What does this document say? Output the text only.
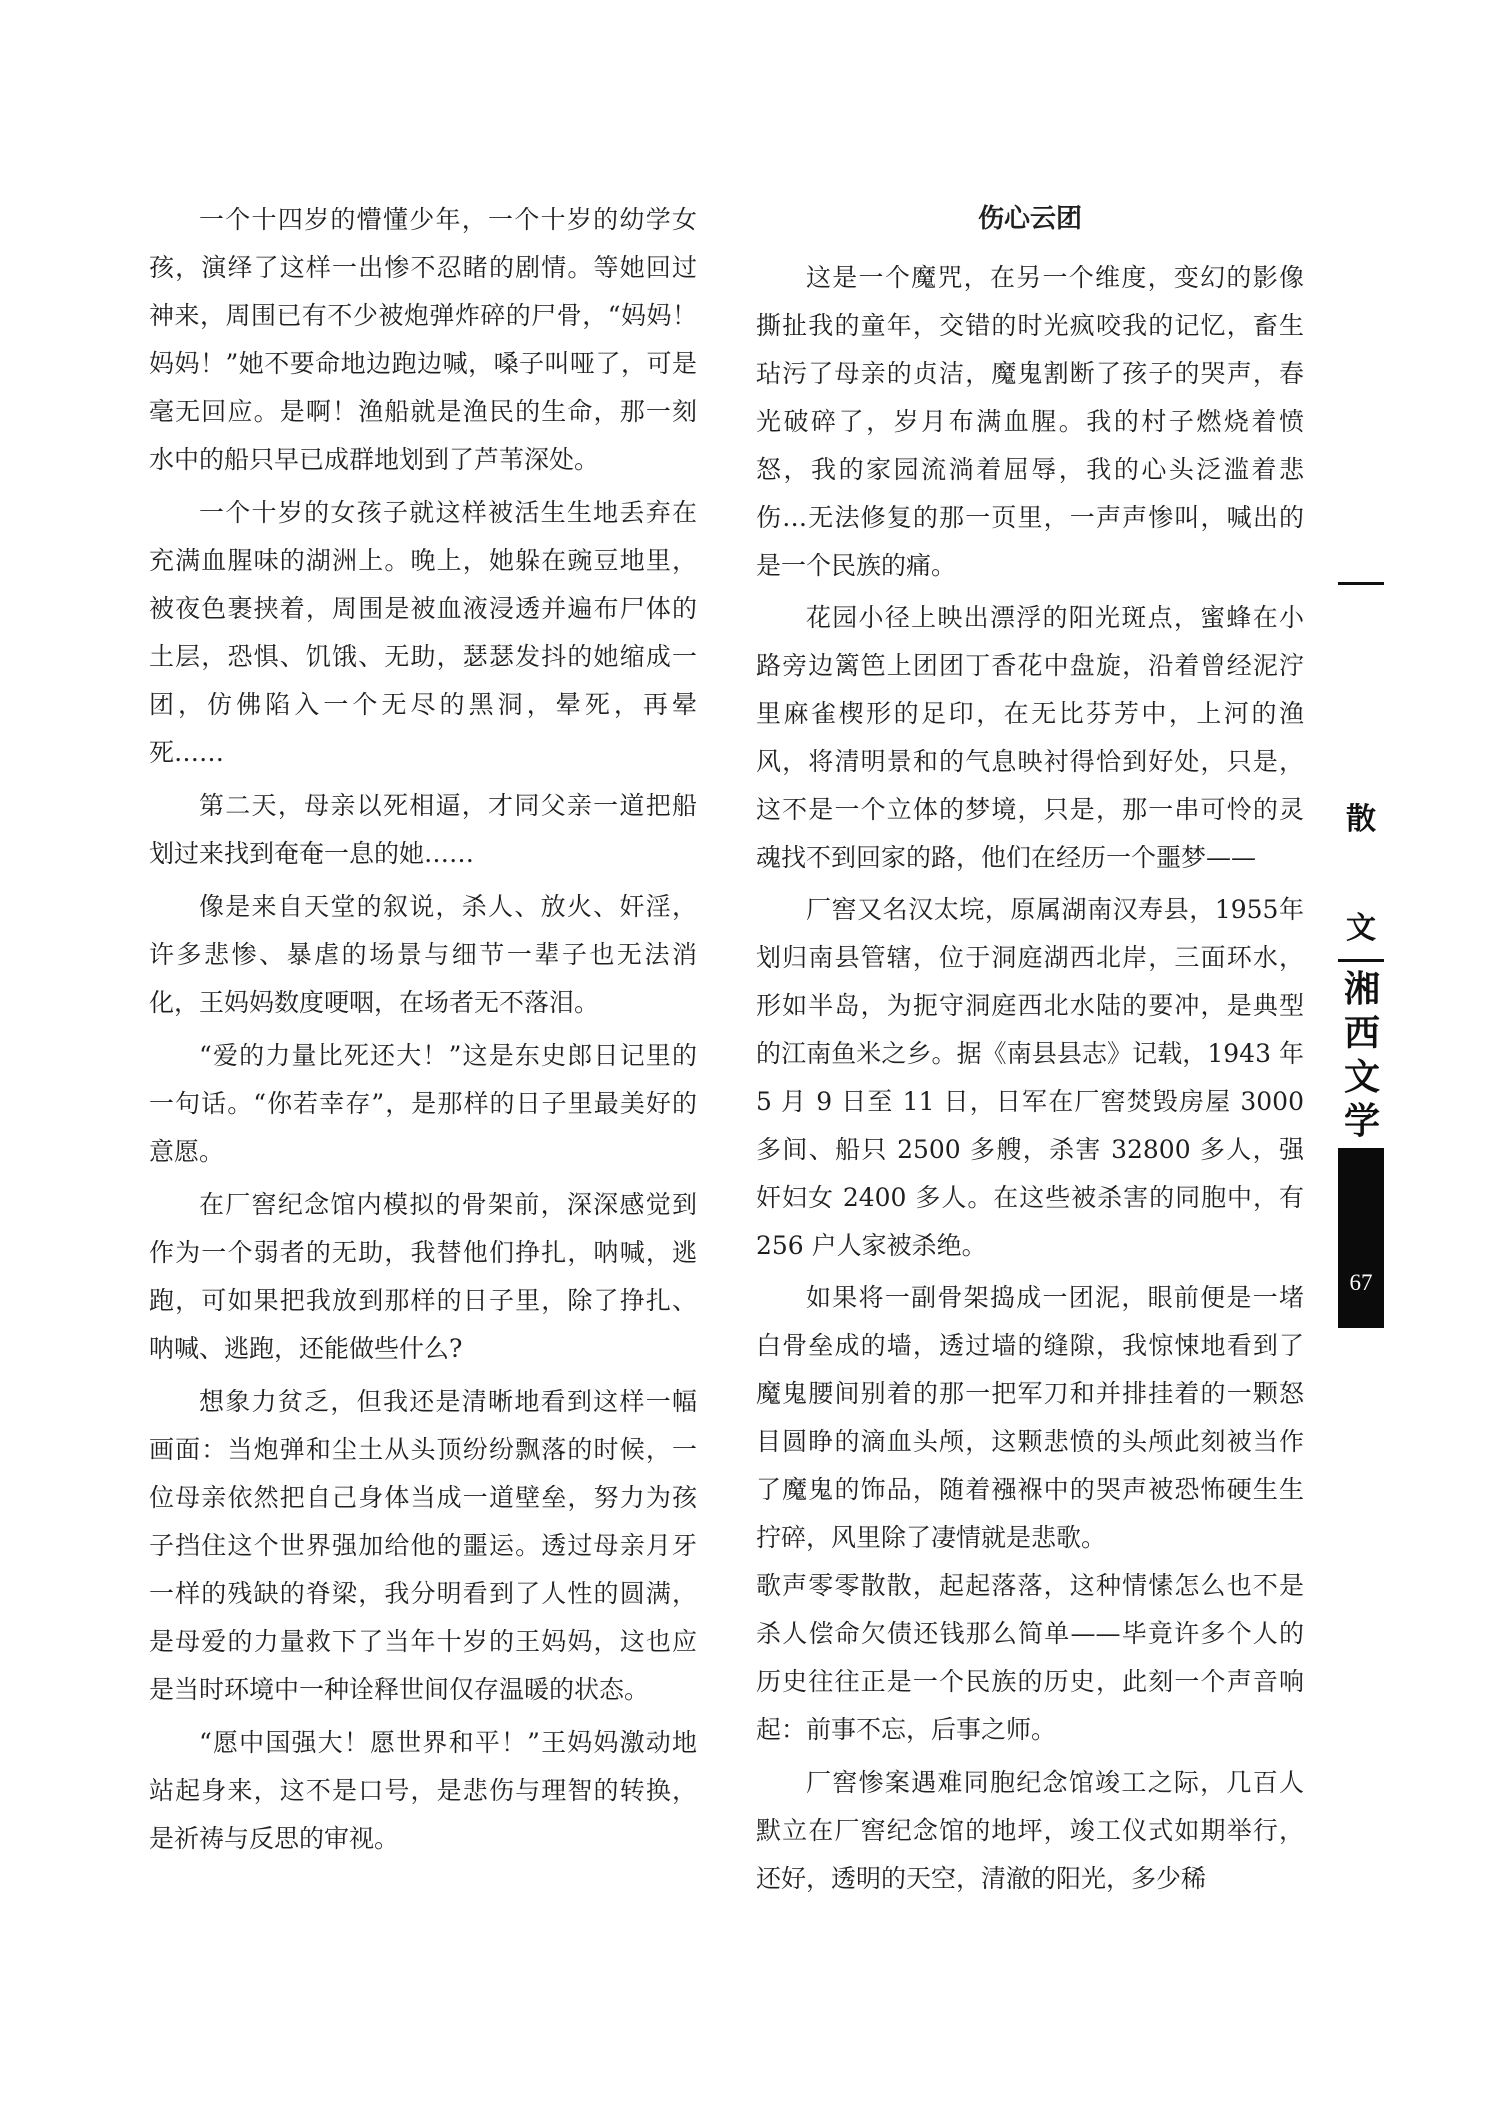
一个十四岁的懵懂少年，一个十岁的幼学女孩，演绎了这样一出惨不忍睹的剧情。等她回过神来，周围已有不少被炮弹炸碎的尸骨，“妈妈！妈妈！”她不要命地边跑边喊，嗓子叫哑了，可是毫无回应。是啊！渔船就是渔民的生命，那一刻水中的船只早已成群地划到了芦苇深处。

一个十岁的女孩子就这样被活生生地丢弃在充满血腥味的湖洲上。晚上，她躲在豌豆地里，被夜色裹挟着，周围是被血液浸透并遍布尸体的土层，恐惧、饥饿、无助，瑟瑟发抖的她缩成一团，仿佛陷入一个无尽的黑洞，晕死，再晕死……

第二天，母亲以死相逼，才同父亲一道把船划过来找到奄奄一息的她……

像是来自天堂的叙说，杀人、放火、奸淫，许多悲惨、暴虐的场景与细节一辈子也无法消化，王妈妈数度哽咽，在场者无不落泪。

“爱的力量比死还大！”这是东史郎日记里的一句话。“你若幸存”，是那样的日子里最美好的意愿。

在厂窖纪念馆内模拟的骨架前，深深感觉到作为一个弱者的无助，我替他们挣扎，呐喊，逃跑，可如果把我放到那样的日子里，除了挣扎、呐喊、逃跑，还能做些什么?

想象力贫乏，但我还是清晰地看到这样一幅画面：当炮弹和尘土从头顶纷纷飘落的时候，一位母亲依然把自己身体当成一道壁垒，努力为孩子挡住这个世界强加给他的噩运。透过母亲月牙一样的残缺的脊梁，我分明看到了人性的圆满，是母爱的力量救下了当年十岁的王妈妈，这也应是当时环境中一种诠释世间仅存温暖的状态。

“愿中国强大！愿世界和平！”王妈妈激动地站起身来，这不是口号，是悲伤与理智的转换，是祈祷与反思的审视。

伤心云团

这是一个魔咒，在另一个维度，变幻的影像撕扯我的童年，交错的时光疯咬我的记忆，畜生玷污了母亲的贞洁，魔鬼割断了孩子的哭声，春光破碎了，岁月布满血腥。我的村子燃烧着愤怒，我的家园流淌着屈辱，我的心头泛滥着悲伤…无法修复的那一页里，一声声惨叫，喊出的是一个民族的痛。

花园小径上映出漂浮的阳光斑点，蜜蜂在小路旁边篱笆上团团丁香花中盘旋，沿着曾经泥泞里麻雀楔形的足印，在无比芬芳中，上河的渔风，将清明景和的气息映衬得恰到好处，只是，这不是一个立体的梦境，只是，那一串可怜的灵魂找不到回家的路，他们在经历一个噩梦——

厂窖又名汉太垸，原属湖南汉寿县，1955年划归南县管辖，位于洞庭湖西北岸，三面环水，形如半岛，为扼守洞庭西北水陆的要冲，是典型的江南鱼米之乡。据《南县县志》记载，1943 年 5 月 9 日至 11 日，日军在厂窖焚毁房屋 3000 多间、船只 2500 多艘，杀害 32800 多人，强奸妇女 2400 多人。在这些被杀害的同胞中，有 256 户人家被杀绝。

如果将一副骨架捣成一团泥，眼前便是一堵白骨垒成的墙，透过墙的缝隙，我惊悚地看到了魔鬼腰间别着的那一把军刀和并排挂着的一颗怒目圆睁的滴血头颅，这颗悲愤的头颅此刻被当作了魔鬼的饰品，随着襁褓中的哭声被恐怖硬生生拧碎，风里除了凄情就是悲歌。

歌声零零散散，起起落落，这种情愫怎么也不是杀人偿命欠债还钱那么简单——毕竟许多个人的历史往往正是一个民族的历史，此刻一个声音响起：前事不忘，后事之师。

厂窖惨案遇难同胞纪念馆竣工之际，几百人默立在厂窖纪念馆的地坪，竣工仪式如期举行，还好，透明的天空，清澈的阳光，多少稀

散
文
湘西文学
67
